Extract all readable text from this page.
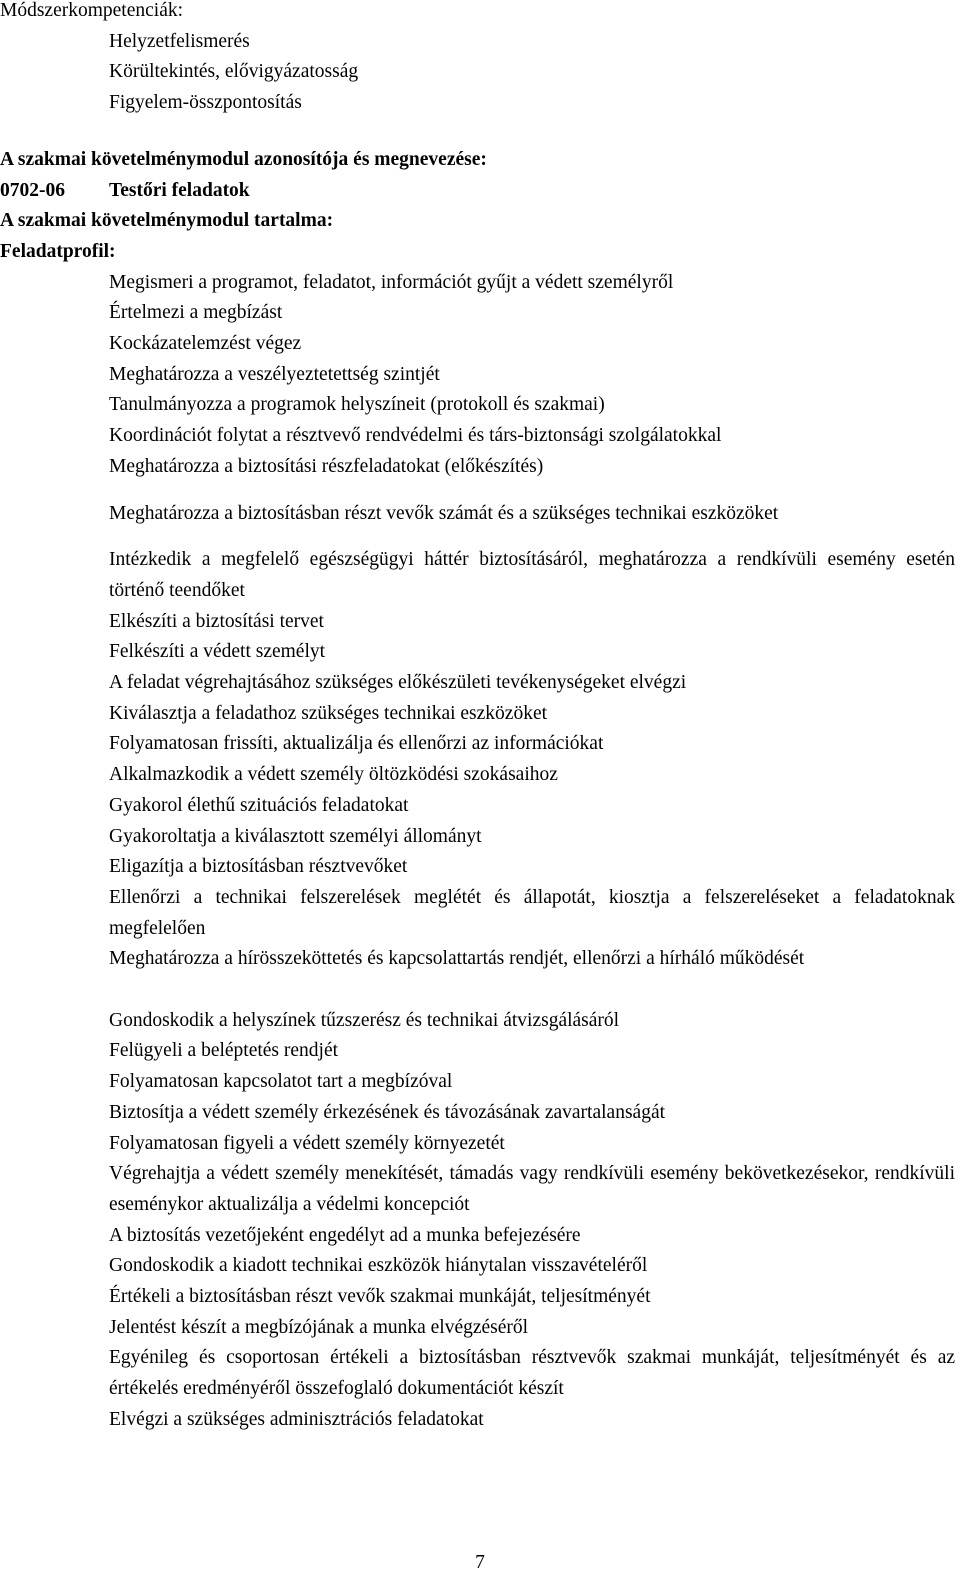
Módszerkompetenciák:
Helyzetfelismerés
Körültekintés, elővigyázatosság
Figyelem-összpontosítás
A szakmai követelménymodul azonosítója és megnevezése:
0702-06 Testőri feladatok
A szakmai követelménymodul tartalma:
Feladatprofil:
Megismeri a programot, feladatot, információt gyűjt a védett személyről
Értelmezi a megbízást
Kockázatelemzést végez
Meghatározza a veszélyeztetettség szintjét
Tanulmányozza a programok helyszíneit (protokoll és szakmai)
Koordinációt folytat a résztvevő rendvédelmi és társ-biztonsági szolgálatokkal
Meghatározza a biztosítási részfeladatokat (előkészítés)
Meghatározza a biztosításban részt vevők számát és a szükséges technikai eszközöket
Intézkedik a megfelelő egészségügyi háttér biztosításáról, meghatározza a rendkívüli esemény esetén történő teendőket
Elkészíti a biztosítási tervet
Felkészíti a védett személyt
A feladat végrehajtásához szükséges előkészületi tevékenységeket elvégzi
Kiválasztja a feladathoz szükséges technikai eszközöket
Folyamatosan frissíti, aktualizálja és ellenőrzi az információkat
Alkalmazkodik a védett személy öltözködési szokásaihoz
Gyakorol élethű szituációs feladatokat
Gyakoroltatja a kiválasztott személyi állományt
Eligazítja a biztosításban résztvevőket
Ellenőrzi a technikai felszerelések meglétét és állapotát, kiosztja a felszereléseket a feladatoknak megfelelően
Meghatározza a hírösszeköttetés és kapcsolattartás rendjét, ellenőrzi a hírháló működését
Gondoskodik a helyszínek tűzszerész és technikai átvizsgálásáról
Felügyeli a beléptetés rendjét
Folyamatosan kapcsolatot tart a megbízóval
Biztosítja a védett személy érkezésének és távozásának zavartalanságát
Folyamatosan figyeli a védett személy környezetét
Végrehajtja a védett személy menekítését, támadás vagy rendkívüli esemény bekövetkezésekor, rendkívüli eseménykor aktualizálja a védelmi koncepciót
A biztosítás vezetőjeként engedélyt ad a munka befejezésére
Gondoskodik a kiadott technikai eszközök hiánytalan visszavételéről
Értékeli a biztosításban részt vevők szakmai munkáját, teljesítményét
Jelentést készít a megbízójának a munka elvégzéséről
Egyénileg és csoportosan értékeli a biztosításban résztvevők szakmai munkáját, teljesítményét és az értékelés eredményéről összefoglaló dokumentációt készít
Elvégzi a szükséges adminisztrációs feladatokat
7
